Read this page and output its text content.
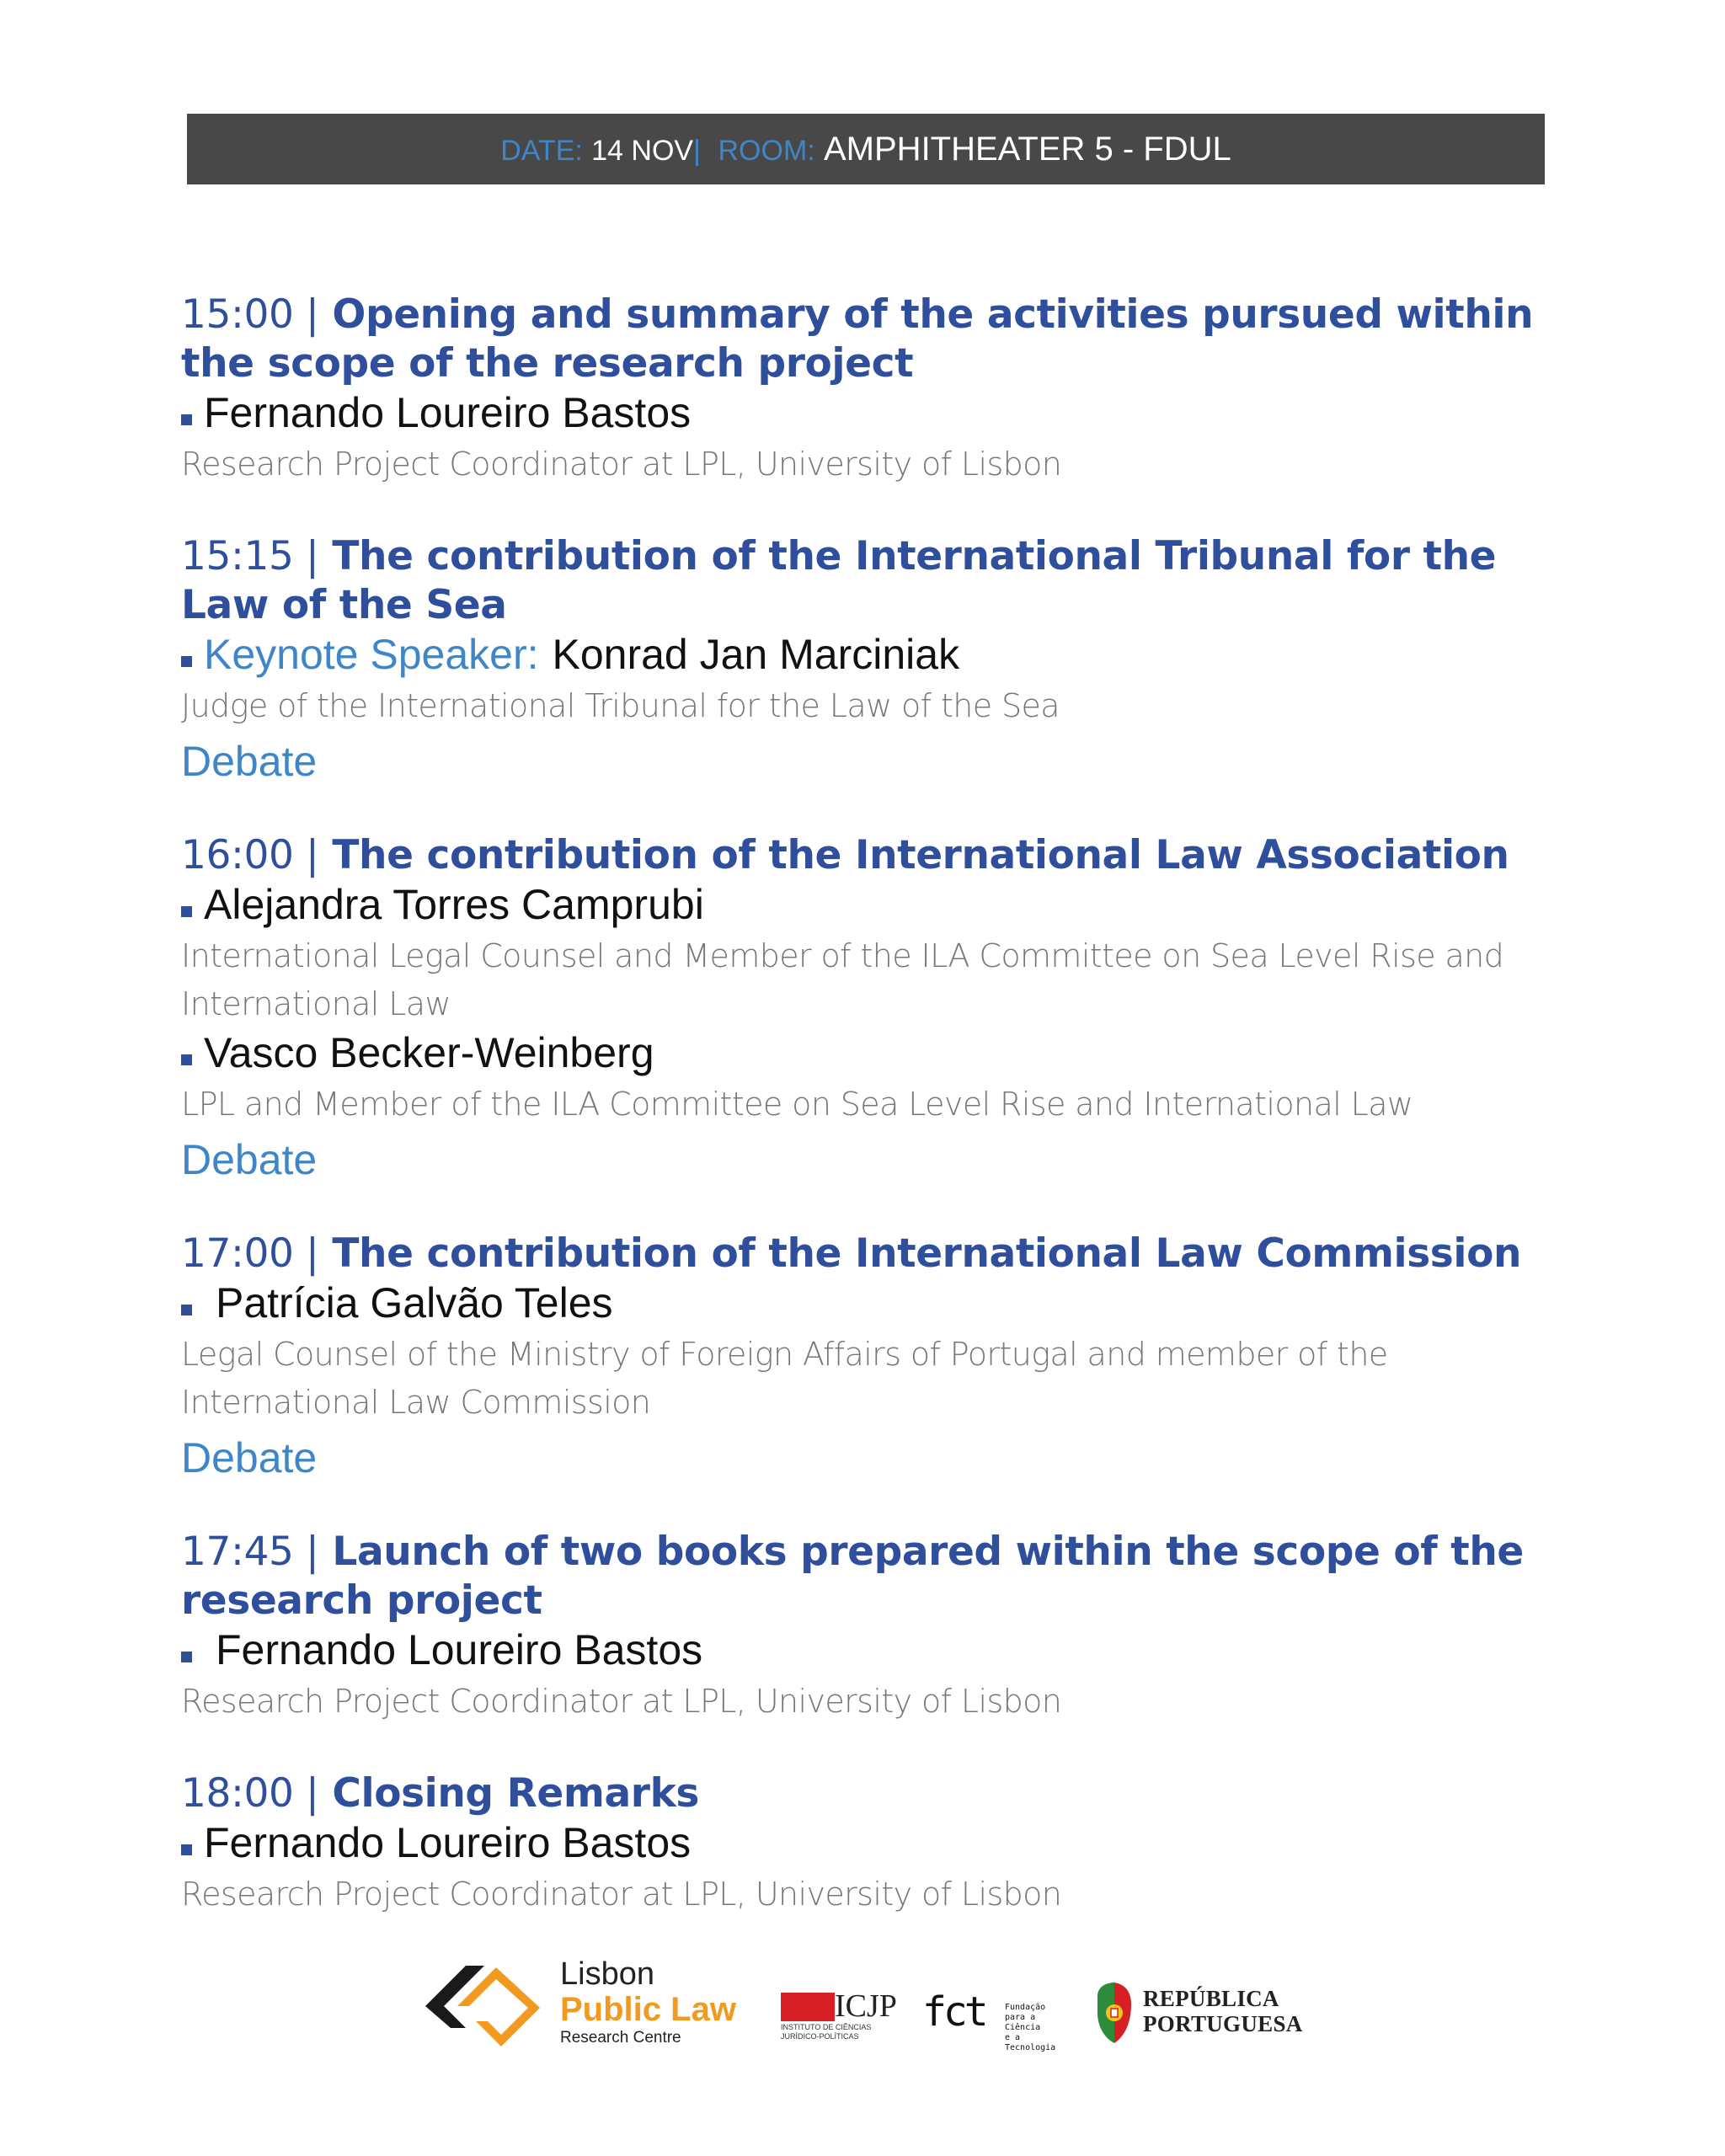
DATE: 14 NOV| ROOM: AMPHITHEATER 5 - FDUL
15:00 | Opening and summary of the activities pursued within the scope of the research project
Fernando Loureiro Bastos
Research Project Coordinator at LPL, University of Lisbon
15:15 | The contribution of the International Tribunal for the Law of the Sea
Keynote Speaker: Konrad Jan Marciniak
Judge of the International Tribunal for the Law of the Sea
Debate
16:00 | The contribution of the International Law Association
Alejandra Torres Camprubi
International Legal Counsel and Member of the ILA Committee on Sea Level Rise and International Law
Vasco Becker-Weinberg
LPL and Member of the ILA Committee on Sea Level Rise and International Law
Debate
17:00 | The contribution of the International Law Commission
Patrícia Galvão Teles
Legal Counsel of the Ministry of Foreign Affairs of Portugal and member of the International Law Commission
Debate
17:45 | Launch of two books prepared within the scope of the research project
Fernando Loureiro Bastos
Research Project Coordinator at LPL, University of Lisbon
18:00 | Closing Remarks
Fernando Loureiro Bastos
Research Project Coordinator at LPL, University of Lisbon
Lisbon
Public Law
Research Centre
ICJP
INSTITUTO DE CIÊNCIAS
JURÍDICO-POLÍTICAS
fct Fundação
para a Ciência
e a Tecnologia
REPÚBLICA
PORTUGUESA
